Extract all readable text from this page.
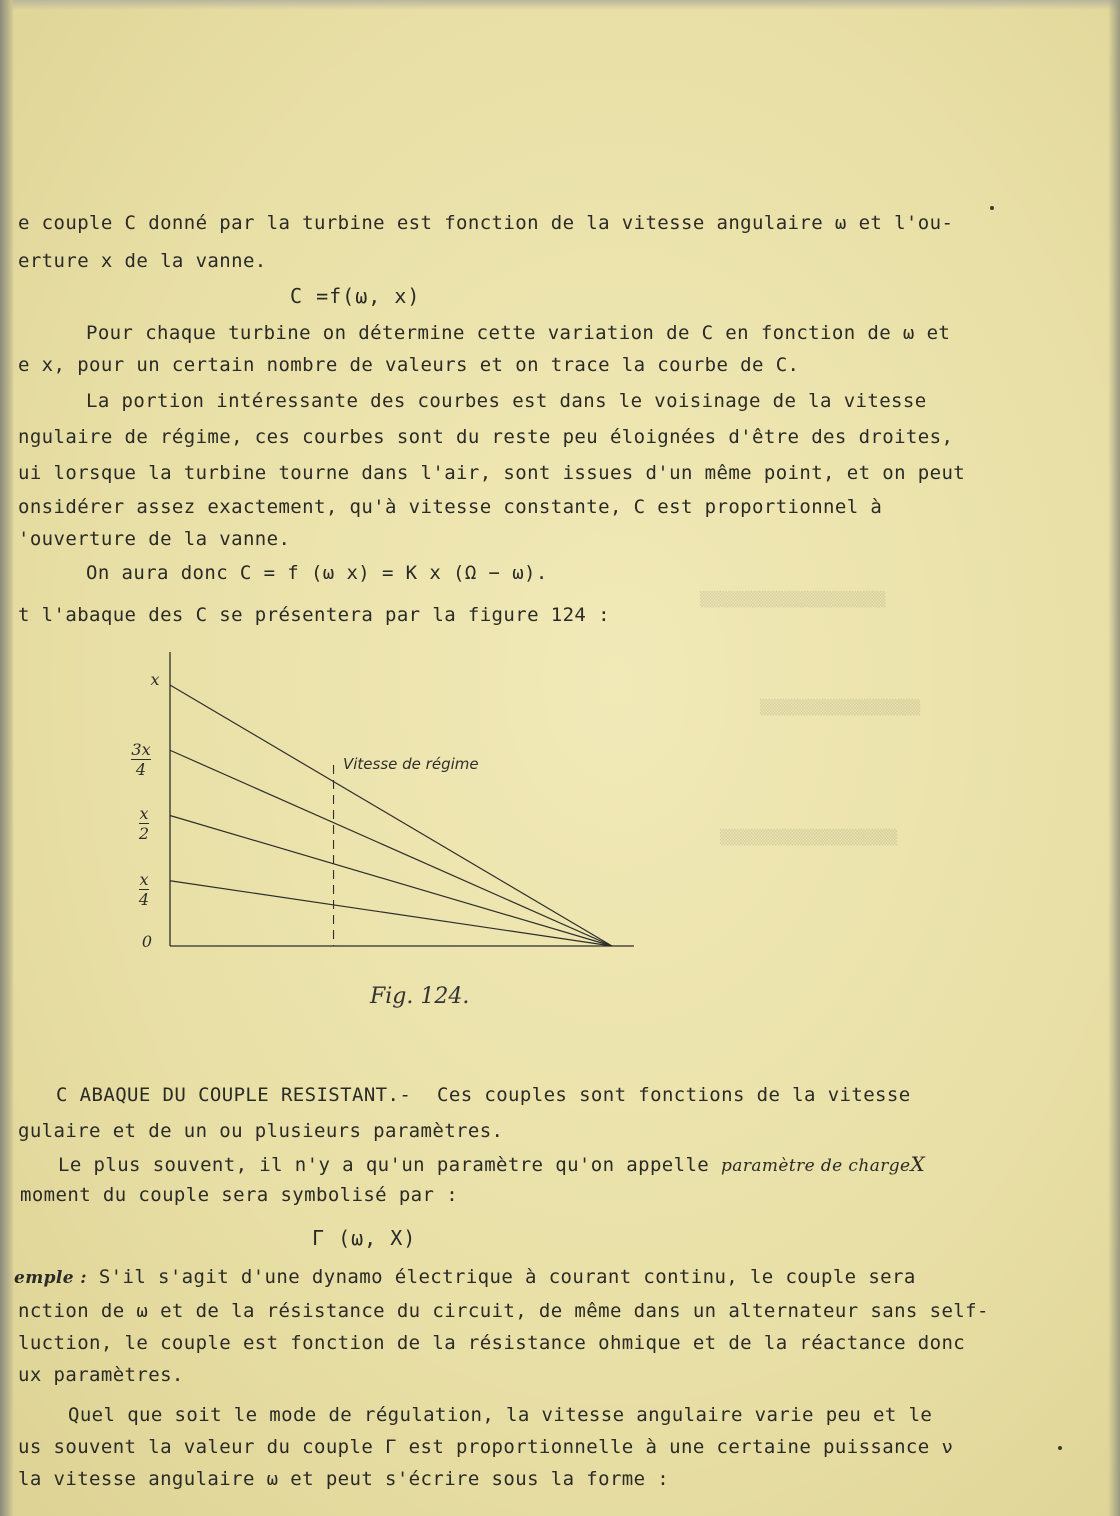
▒▒▒▒▒▒▒▒▒▒▒▒▒▒▒▒▒▒▒▒▒▒
▒▒▒▒▒▒▒▒▒▒▒▒▒▒▒▒▒▒▒
▒▒▒▒▒▒▒▒▒▒▒▒▒▒▒▒▒▒▒▒▒
e couple C donné par la turbine est fonction de la vitesse angulaire ω et l'ou-
erture x de la vanne.
C =f(ω, x)
Pour chaque turbine on détermine cette variation de C en fonction de ω et
e x, pour un certain nombre de valeurs et on trace la courbe de C.
La portion intéressante des courbes est dans le voisinage de la vitesse
ngulaire de régime, ces courbes sont du reste peu éloignées d'être des droites,
ui lorsque la turbine tourne dans l'air, sont issues d'un même point, et on peut
onsidérer assez exactement, qu'à vitesse constante, C est proportionnel à
'ouverture de la vanne.
On aura donc C = f (ω x) = K x (Ω − ω).
t l'abaque des C se présentera par la figure 124 :
x
$\frac{3x}{4}$
$\frac{x}{2}$
$\frac{x}{4}$
0
Vitesse de régime
Fig. 124.
C ABAQUE DU COUPLE RESISTANT.- Ces couples sont fonctions de la vitesse
gulaire et de un ou plusieurs paramètres.
Le plus souvent, il n'y a qu'un paramètre qu'on appelle paramètre de chargeX
moment du couple sera symbolisé par :
Γ (ω, X)
emple : S'il s'agit d'une dynamo électrique à courant continu, le couple sera
nction de ω et de la résistance du circuit, de même dans un alternateur sans self-
luction, le couple est fonction de la résistance ohmique et de la réactance donc
ux paramètres.
Quel que soit le mode de régulation, la vitesse angulaire varie peu et le
us souvent la valeur du couple Γ est proportionnelle à une certaine puissance ν
la vitesse angulaire ω et peut s'écrire sous la forme :
